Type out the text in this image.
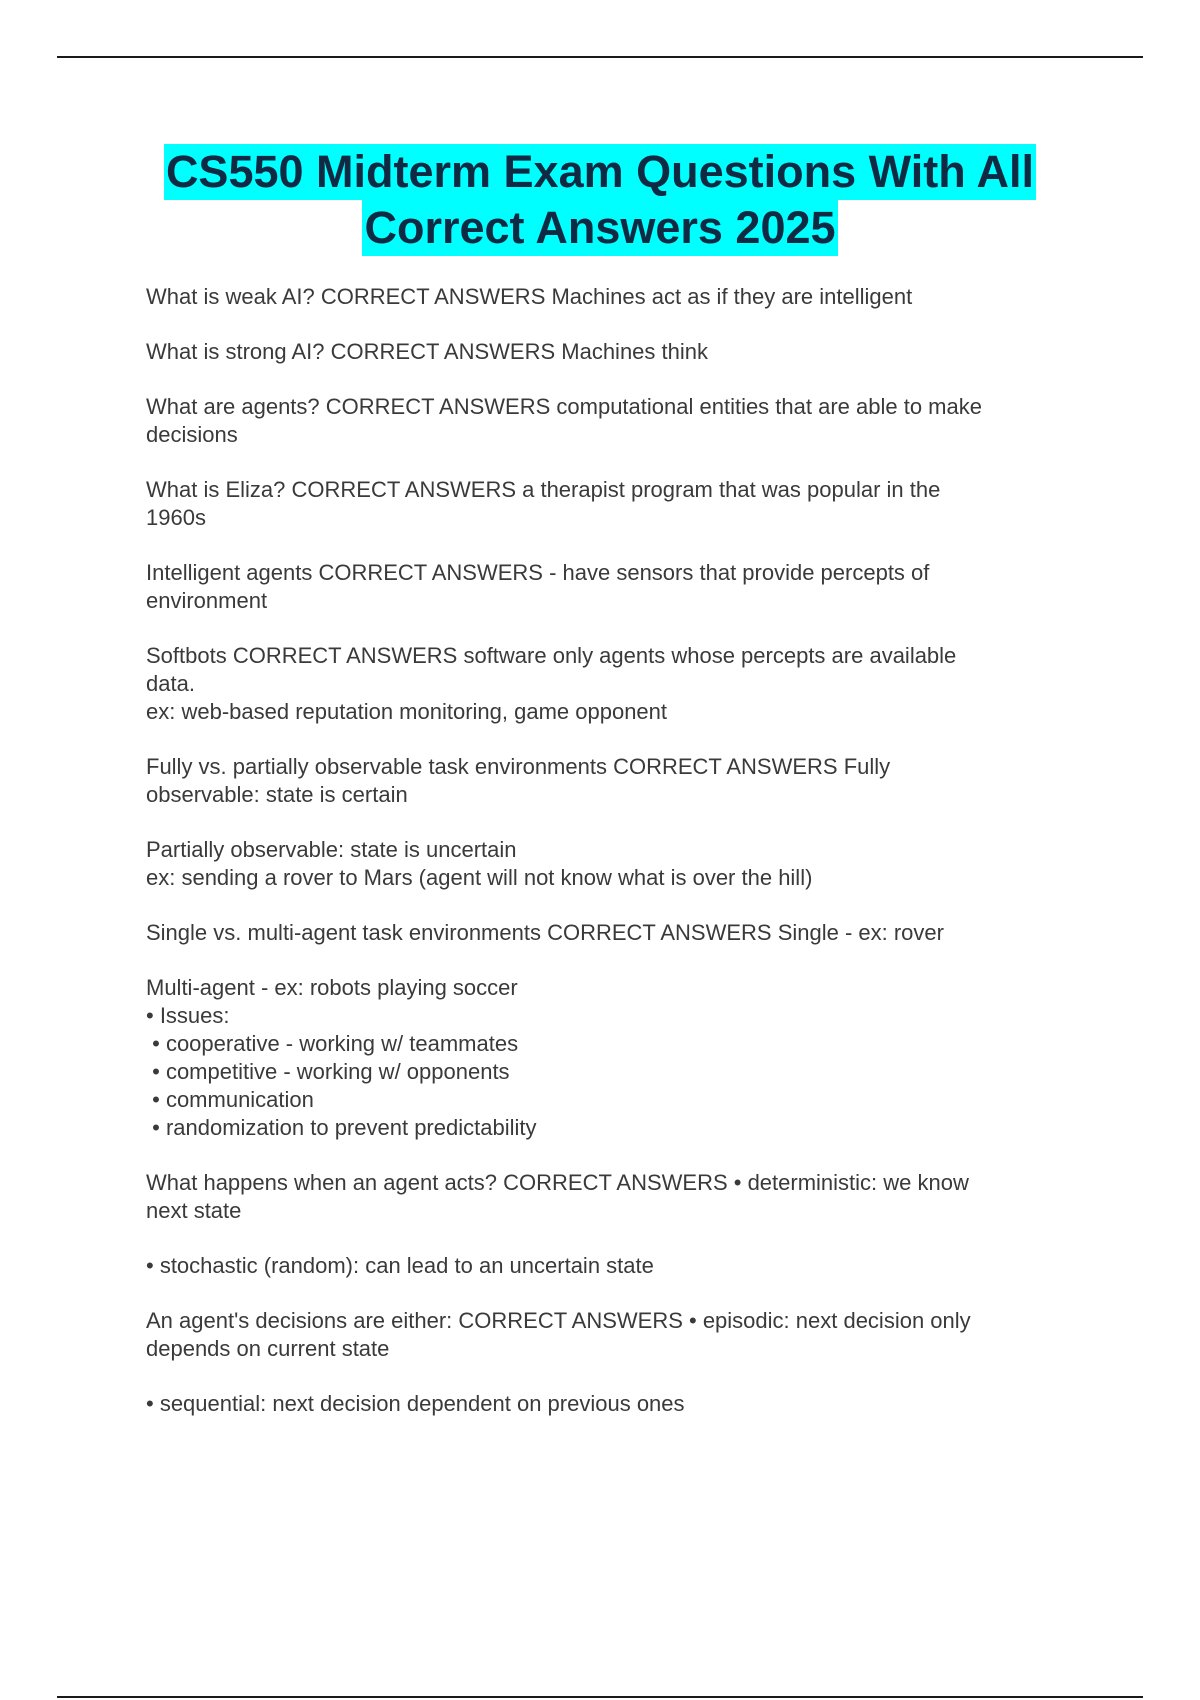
CS550 Midterm Exam Questions With All
Correct Answers 2025

What is weak AI? CORRECT ANSWERS Machines act as if they are intelligent

What is strong AI? CORRECT ANSWERS Machines think

What are agents? CORRECT ANSWERS computational entities that are able to make
decisions

What is Eliza? CORRECT ANSWERS a therapist program that was popular in the
1960s

Intelligent agents CORRECT ANSWERS - have sensors that provide percepts of
environment

Softbots CORRECT ANSWERS software only agents whose percepts are available
data.
ex: web-based reputation monitoring, game opponent

Fully vs. partially observable task environments CORRECT ANSWERS Fully
observable: state is certain

Partially observable: state is uncertain
ex: sending a rover to Mars (agent will not know what is over the hill)

Single vs. multi-agent task environments CORRECT ANSWERS Single - ex: rover

Multi-agent - ex: robots playing soccer
• Issues:
• cooperative - working w/ teammates
• competitive - working w/ opponents
• communication
• randomization to prevent predictability

What happens when an agent acts? CORRECT ANSWERS • deterministic: we know
next state

• stochastic (random): can lead to an uncertain state

An agent's decisions are either: CORRECT ANSWERS • episodic: next decision only
depends on current state

• sequential: next decision dependent on previous ones
